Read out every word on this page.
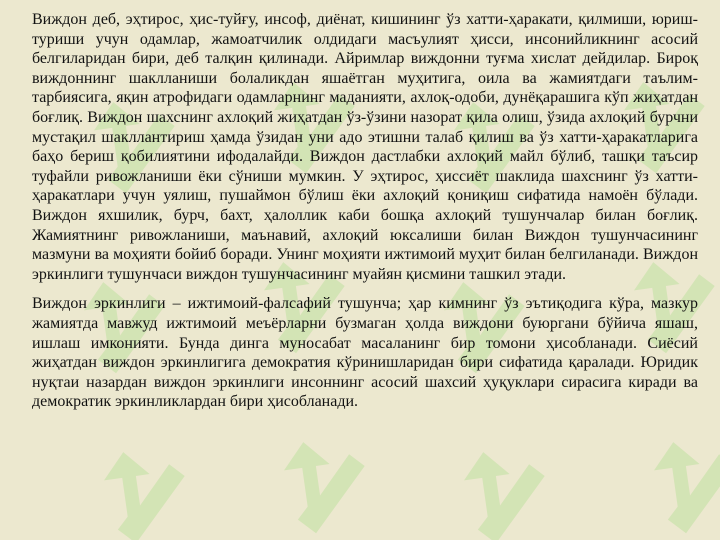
Виждон деб, эҳтирос, ҳис-туйғу, инсоф, диёнат, кишининг ўз хатти-ҳаракати, қилмиши, юриш-туриши учун одамлар, жамоатчилик олдидаги масъулият ҳисси, инсонийликнинг асосий белгиларидан бири, деб талқин қилинади. Айримлар виждонни туғма хислат дейдилар. Бироқ виждоннинг шаклланиши болаликдан яшаётган муҳитига, оила ва жамиятдаги таълим-тарбиясига, яқин атрофидаги одамларнинг маданияти, ахлоқ-одоби, дунёқарашига кўп жиҳатдан боғлиқ. Виждон шахснинг ахлоқий жиҳатдан ўз-ўзини назорат қила олиш, ўзида ахлоқий бурчни мустақил шакллантириш ҳамда ўзидан уни адо этишни талаб қилиш ва ўз хатти-ҳаракатларига баҳо бериш қобилиятини ифодалайди. Виждон дастлабки ахлоқий майл бўлиб, ташқи таъсир туфайли ривожланиши ёки сўниши мумкин. У эҳтирос, ҳиссиёт шаклида шахснинг ўз хатти-ҳаракатлари учун уялиш, пушаймон бўлиш ёки ахлоқий қониқиш сифатида намоён бўлади. Виждон яхшилик, бурч, бахт, ҳалоллик каби бошқа ахлоқий тушунчалар билан боғлиқ. Жамиятнинг ривожланиши, маънавий, ахлоқий юксалиши билан Виждон тушунчасининг мазмуни ва моҳияти бойиб боради. Унинг моҳияти ижтимоий муҳит билан белгиланади. Виждон эркинлиги тушунчаси виждон тушунчасининг муайян қисмини ташкил этади.

Виждон эркинлиги – ижтимоий-фалсафий тушунча; ҳар кимнинг ўз эътиқодига кўра, мазкур жамиятда мавжуд ижтимоий меъёрларни бузмаган ҳолда виждони буюргани бўйича яшаш, ишлаш имконияти. Бунда динга муносабат масаланинг бир томони ҳисобланади. Сиёсий жиҳатдан виждон эркинлигига демократия кўринишларидан бири сифатида қаралади. Юридик нуқтаи назардан виждон эркинлиги инсоннинг асосий шахсий ҳуқуклари сирасига киради ва демократик эркинликлардан бири ҳисобланади.
